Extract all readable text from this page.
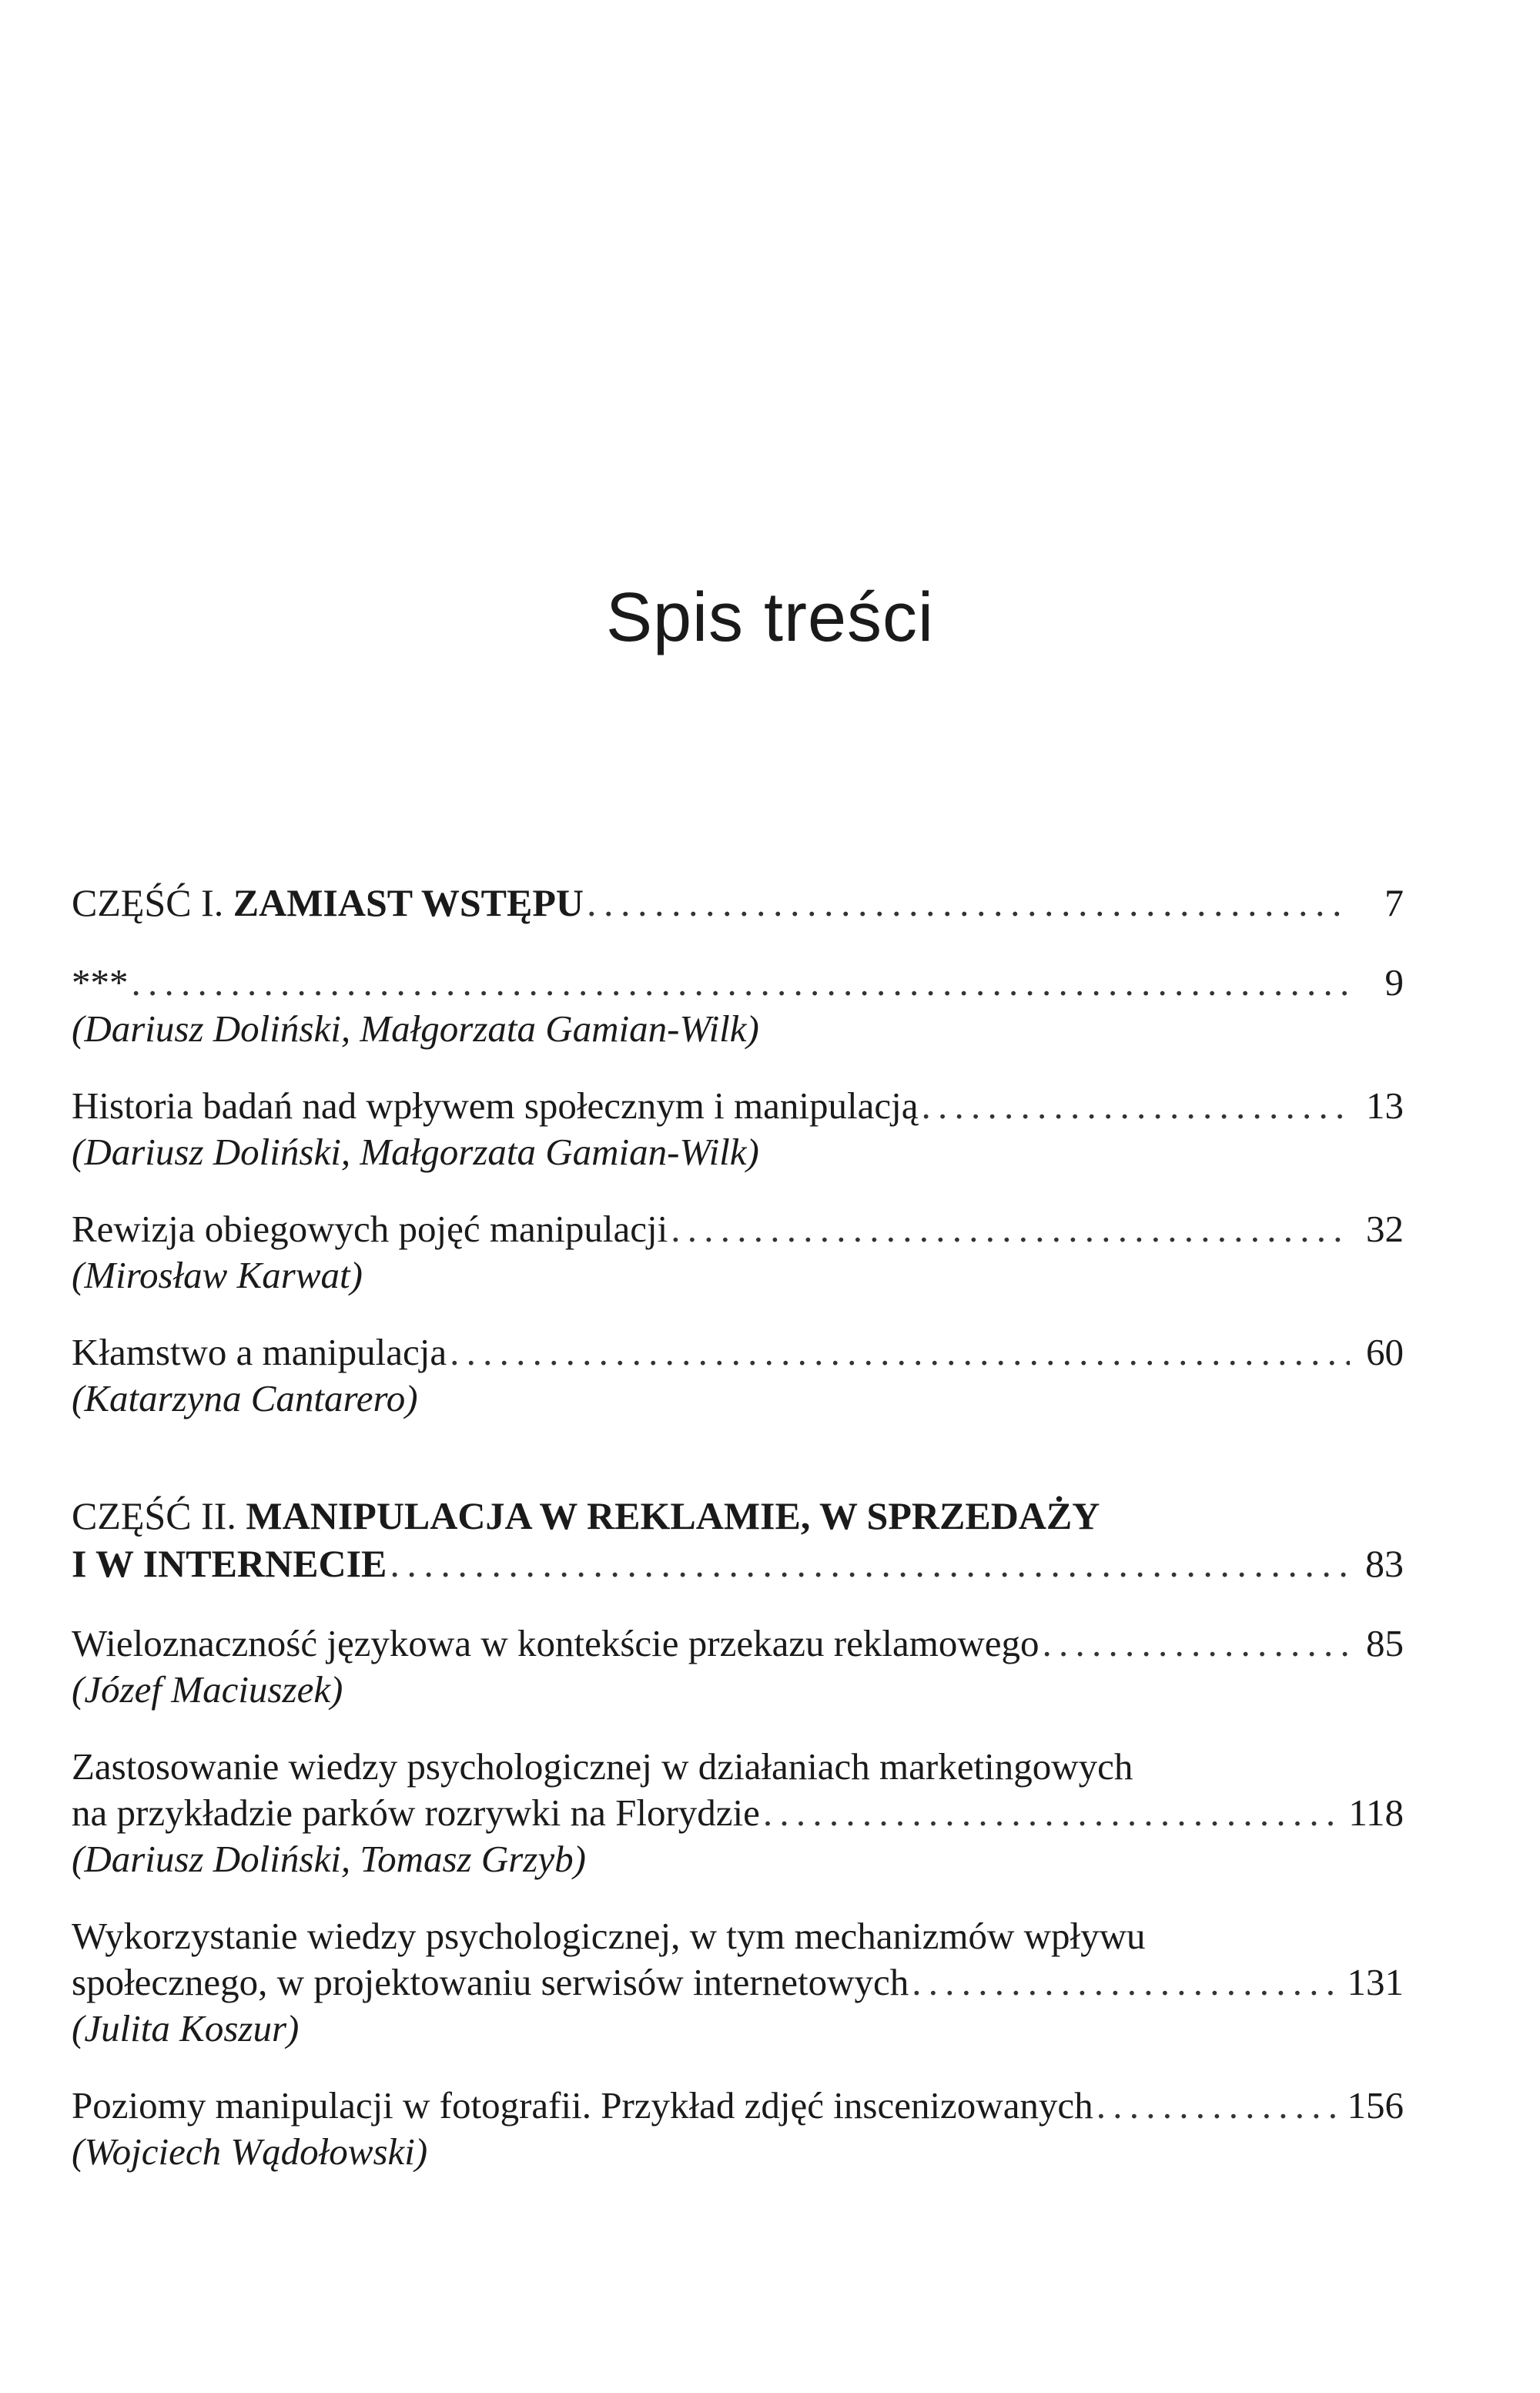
Spis treści
CZĘŚĆ I. ZAMIAST WSTĘPU . . .	7
*** . . .	9
(Dariusz Doliński, Małgorzata Gamian-Wilk)
Historia badań nad wpływem społecznym i manipulacją . . .	13
(Dariusz Doliński, Małgorzata Gamian-Wilk)
Rewizja obiegowych pojęć manipulacji . . .	32
(Mirosław Karwat)
Kłamstwo a manipulacja . . .	60
(Katarzyna Cantarero)
CZĘŚĆ II. MANIPULACJA W REKLAMIE, W SPRZEDAŻY
I W INTERNECIE . . .	83
Wieloznaczność językowa w kontekście przekazu reklamowego . . .	85
(Józef Maciuszek)
Zastosowanie wiedzy psychologicznej w działaniach marketingowych
na przykładzie parków rozrywki na Florydzie . . .	118
(Dariusz Doliński, Tomasz Grzyb)
Wykorzystanie wiedzy psychologicznej, w tym mechanizmów wpływu
społecznego, w projektowaniu serwisów internetowych . . .	131
(Julita Koszur)
Poziomy manipulacji w fotografii. Przykład zdjęć inscenizowanych . . .	156
(Wojciech Wądołowski)
